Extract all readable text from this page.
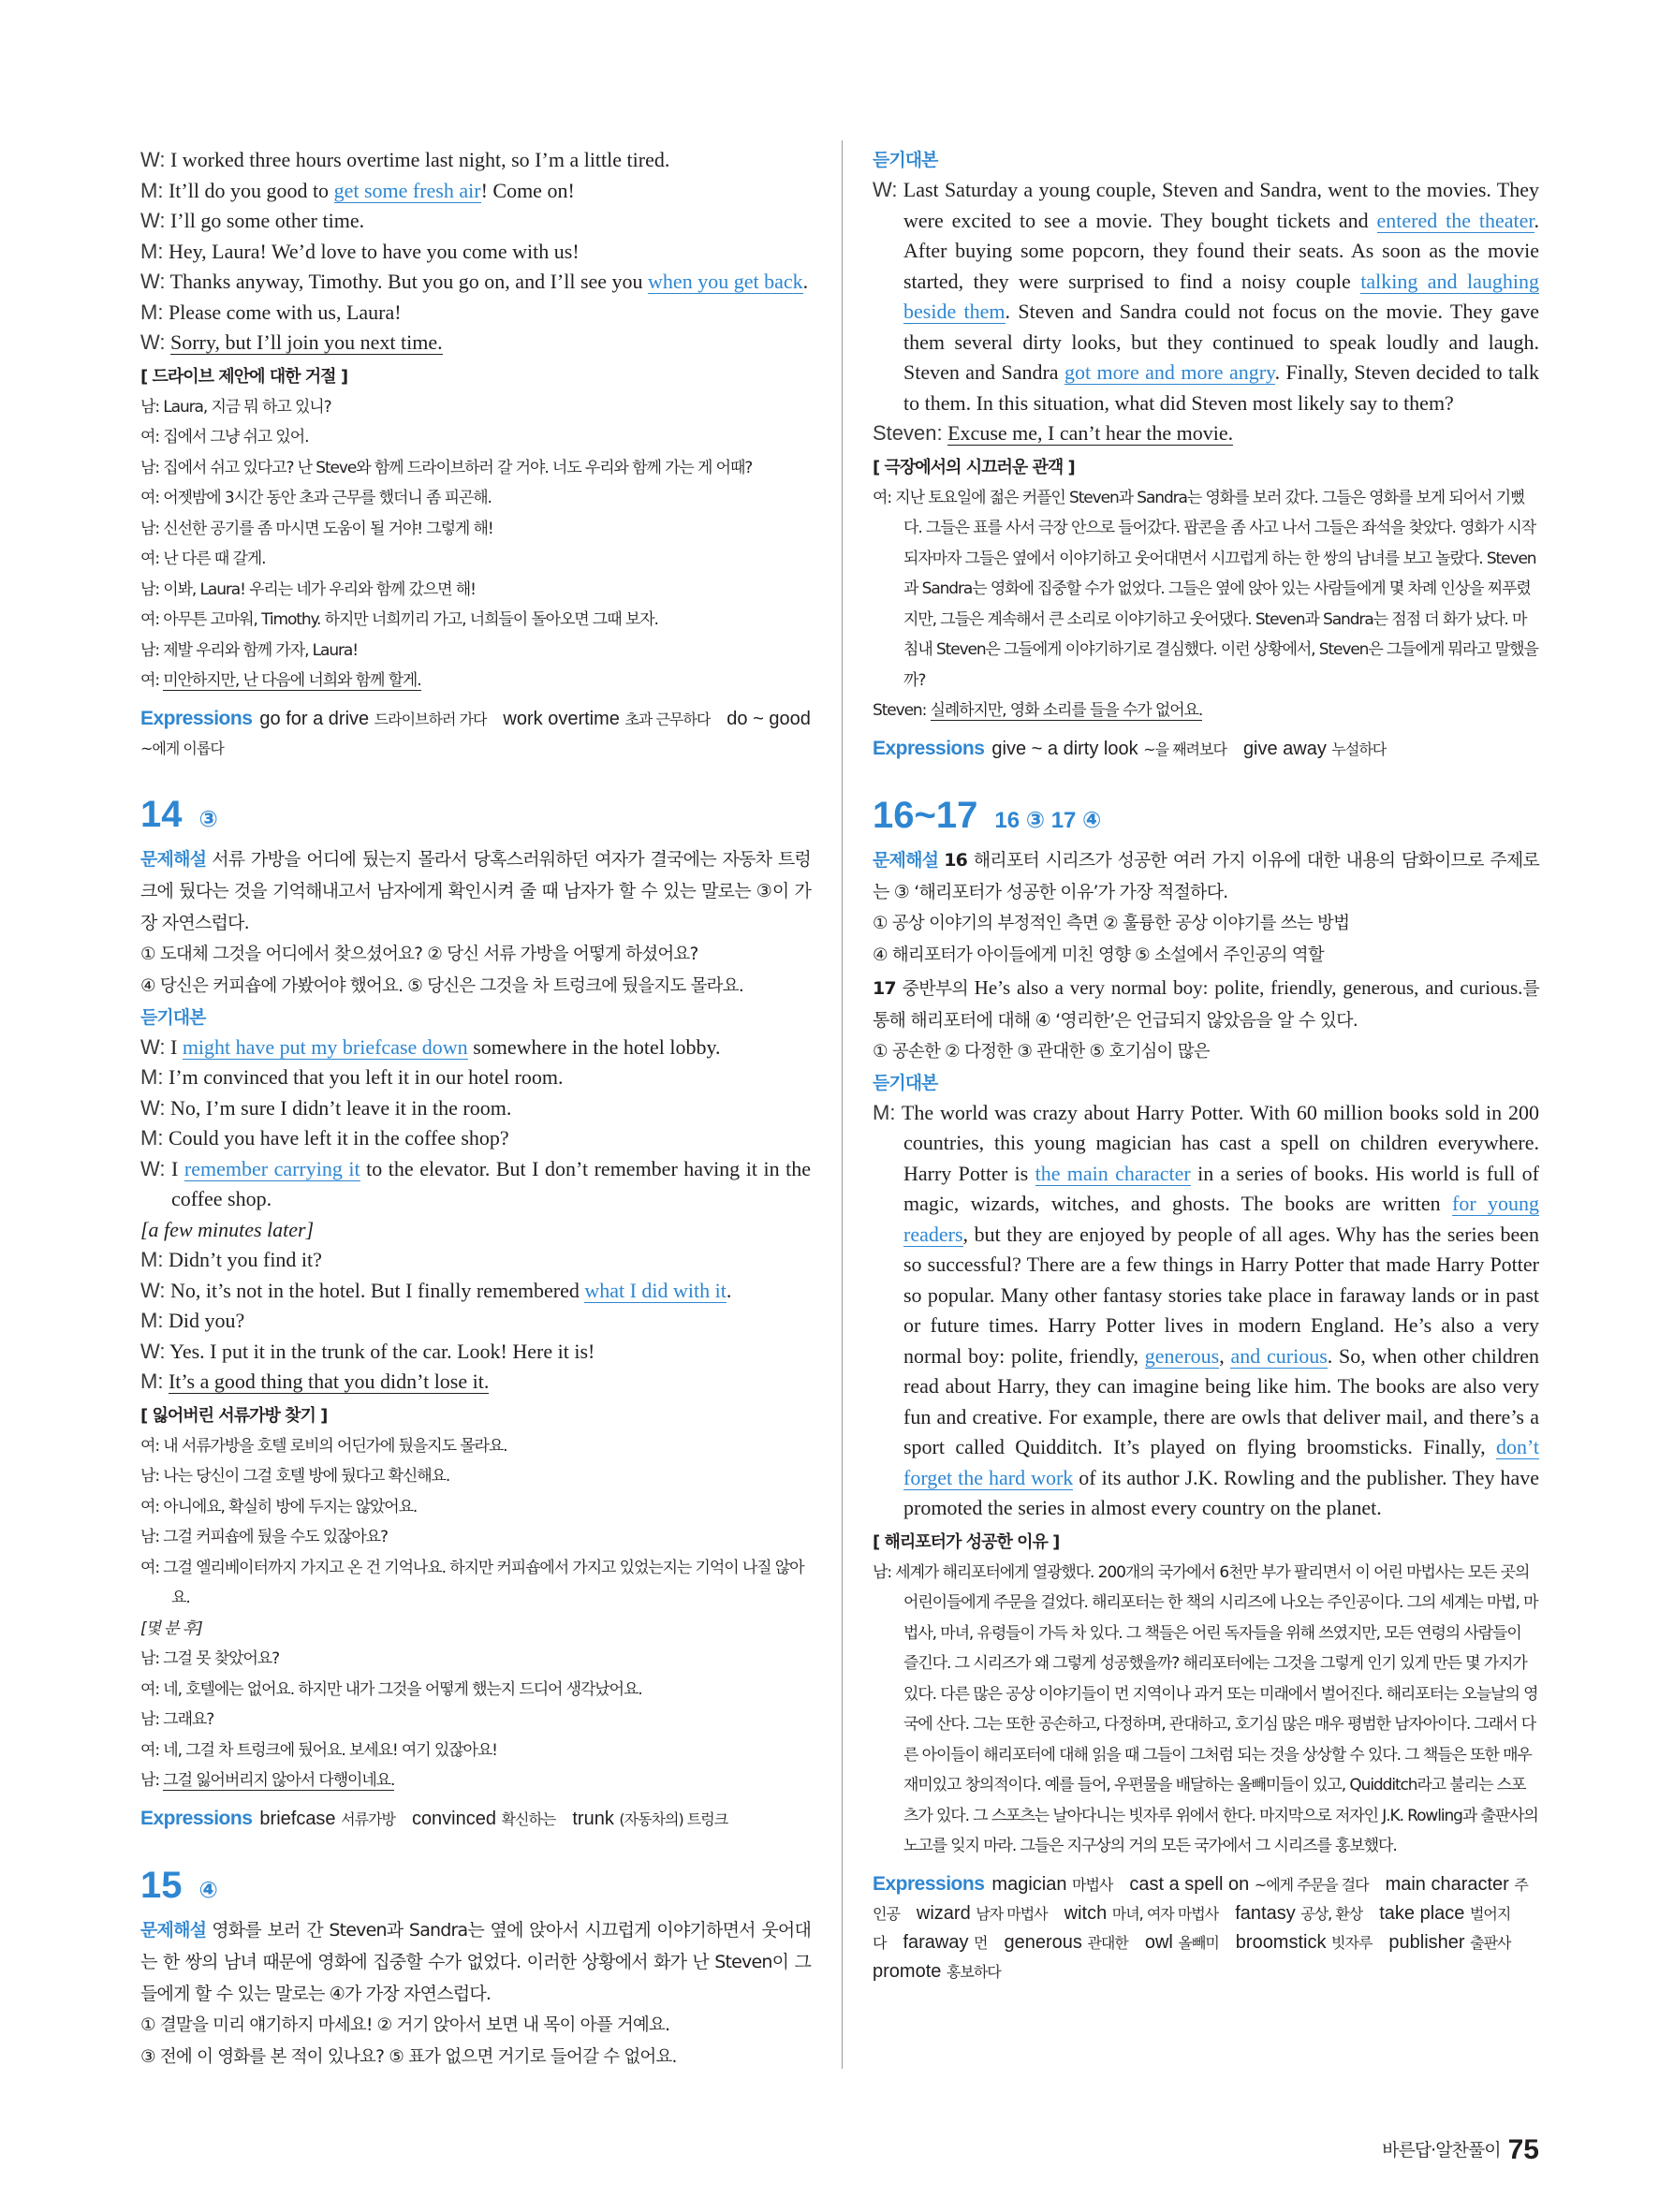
W: I worked three hours overtime last night, so I’m a little tired.
M: It’ll do you good to get some fresh air! Come on!
W: I’ll go some other time.
M: Hey, Laura! We’d love to have you come with us!
W: Thanks anyway, Timothy. But you go on, and I’ll see you when you get back.
M: Please come with us, Laura!
W: Sorry, but I’ll join you next time.
[ 드라이브 제안에 대한 거절 ]
남: Laura, 지금 뭐 하고 있니?
여: 집에서 그냥 쉬고 있어.
남: 집에서 쉬고 있다고? 난 Steve와 함께 드라이브하러 갈 거야. 너도 우리와 함께 가는 게 어때?
여: 어젯밤에 3시간 동안 초과 근무를 했더니 좀 피곤해.
남: 신선한 공기를 좀 마시면 도움이 될 거야! 그렇게 해!
여: 난 다른 때 갈게.
남: 이봐, Laura! 우리는 네가 우리와 함께 갔으면 해!
여: 아무튼 고마워, Timothy. 하지만 너희끼리 가고, 너희들이 돌아오면 그때 보자.
남: 제발 우리와 함께 가자, Laura!
여: 미안하지만, 난 다음에 너희와 함께 할게.
Expressions go for a drive 드라이브하러 가다 work overtime 초과 근무하다 do ~ good ~에게 이롭다
14 ③
문제해설 서류 가방을 어디에 뒀는지 몰라서 당혹스러워하던 여자가 결국에는 자동차 트렁크에 뒀다는 것을 기억해내고서 남자에게 확인시켜 줄 때 남자가 할 수 있는 말로는 ③이 가장 자연스럽다.
① 도대체 그것을 어디에서 찾으셨어요? ② 당신 서류 가방을 어떻게 하셨어요?
④ 당신은 커피숍에 가봤어야 했어요. ⑤ 당신은 그것을 차 트렁크에 뒀을지도 몰라요.
듣기대본
W: I might have put my briefcase down somewhere in the hotel lobby.
M: I’m convinced that you left it in our hotel room.
W: No, I’m sure I didn’t leave it in the room.
M: Could you have left it in the coffee shop?
W: I remember carrying it to the elevator. But I don’t remember having it in the coffee shop.
[a few minutes later]
M: Didn’t you find it?
W: No, it’s not in the hotel. But I finally remembered what I did with it.
M: Did you?
W: Yes. I put it in the trunk of the car. Look! Here it is!
M: It’s a good thing that you didn’t lose it.
[ 잃어버린 서류가방 찾기 ]
여: 내 서류가방을 호텔 로비의 어딘가에 뒀을지도 몰라요.
남: 나는 당신이 그걸 호텔 방에 뒀다고 확신해요.
여: 아니에요, 확실히 방에 두지는 않았어요.
남: 그걸 커피숍에 뒀을 수도 있잖아요?
여: 그걸 엘리베이터까지 가지고 온 건 기억나요. 하지만 커피숍에서 가지고 있었는지는 기억이 나질 않아요.
[몇 분 후]
남: 그걸 못 찾았어요?
여: 네, 호텔에는 없어요. 하지만 내가 그것을 어떻게 했는지 드디어 생각났어요.
남: 그래요?
여: 네, 그걸 차 트렁크에 뒀어요. 보세요! 여기 있잖아요!
남: 그걸 잃어버리지 않아서 다행이네요.
Expressions briefcase 서류가방 convinced 확신하는 trunk (자동차의) 트렁크
15 ④
문제해설 영화를 보러 간 Steven과 Sandra는 옆에 앉아서 시끄럽게 이야기하면서 웃어대는 한 쌍의 남녀 때문에 영화에 집중할 수가 없었다. 이러한 상황에서 화가 난 Steven이 그들에게 할 수 있는 말로는 ④가 가장 자연스럽다.
① 결말을 미리 얘기하지 마세요! ② 거기 앉아서 보면 내 목이 아플 거예요.
③ 전에 이 영화를 본 적이 있나요? ⑤ 표가 없으면 거기로 들어갈 수 없어요.
듣기대본
W: Last Saturday a young couple, Steven and Sandra, went to the movies. They were excited to see a movie. They bought tickets and entered the theater. After buying some popcorn, they found their seats. As soon as the movie started, they were surprised to find a noisy couple talking and laughing beside them. Steven and Sandra could not focus on the movie. They gave them several dirty looks, but they continued to speak loudly and laugh. Steven and Sandra got more and more angry. Finally, Steven decided to talk to them. In this situation, what did Steven most likely say to them?
Steven: Excuse me, I can’t hear the movie.
[ 극장에서의 시끄러운 관객 ]
여: 지난 토요일에 젊은 커플인 Steven과 Sandra는 영화를 보러 갔다. 그들은 영화를 보게 되어서 기뻤다. 그들은 표를 사서 극장 안으로 들어갔다. 팝콘을 좀 사고 나서 그들은 좌석을 찾았다. 영화가 시작되자마자 그들은 옆에서 이야기하고 웃어대면서 시끄럽게 하는 한 쌍의 남녀를 보고 놀랐다. Steven과 Sandra는 영화에 집중할 수가 없었다. 그들은 옆에 앉아 있는 사람들에게 몇 차례 인상을 찌푸렸지만, 그들은 계속해서 큰 소리로 이야기하고 웃어댔다. Steven과 Sandra는 점점 더 화가 났다. 마침내 Steven은 그들에게 이야기하기로 결심했다. 이런 상황에서, Steven은 그들에게 뭐라고 말했을까?
Steven: 실례하지만, 영화 소리를 들을 수가 없어요.
Expressions give ~ a dirty look ~을 째려보다 give away 누설하다
16~17 16 ③ 17 ④
문제해설 16 해리포터 시리즈가 성공한 여러 가지 이유에 대한 내용의 담화이므로 주제로는 ③ ‘해리포터가 성공한 이유’가 가장 적절하다.
① 공상 이야기의 부정적인 측면 ② 훌륭한 공상 이야기를 쓰는 방법
④ 해리포터가 아이들에게 미친 영향 ⑤ 소설에서 주인공의 역할
17 중반부의 He’s also a very normal boy: polite, friendly, generous, and curious.를 통해 해리포터에 대해 ④ ‘영리한’은 언급되지 않았음을 알 수 있다.
① 공손한 ② 다정한 ③ 관대한 ⑤ 호기심이 많은
듣기대본
M: The world was crazy about Harry Potter. With 60 million books sold in 200 countries, this young magician has cast a spell on children everywhere. Harry Potter is the main character in a series of books. His world is full of magic, wizards, witches, and ghosts. The books are written for young readers, but they are enjoyed by people of all ages. Why has the series been so successful? There are a few things in Harry Potter that made Harry Potter so popular. Many other fantasy stories take place in faraway lands or in past or future times. Harry Potter lives in modern England. He’s also a very normal boy: polite, friendly, generous, and curious. So, when other children read about Harry, they can imagine being like him. The books are also very fun and creative. For example, there are owls that deliver mail, and there’s a sport called Quidditch. It’s played on flying broomsticks. Finally, don’t forget the hard work of its author J.K. Rowling and the publisher. They have promoted the series in almost every country on the planet.
[ 해리포터가 성공한 이유 ]
남: 세계가 해리포터에게 열광했다. 200개의 국가에서 6천만 부가 팔리면서 이 어린 마법사는 모든 곳의 어린이들에게 주문을 걸었다. 해리포터는 한 책의 시리즈에 나오는 주인공이다. 그의 세계는 마법, 마법사, 마녀, 유령들이 가득 차 있다. 그 책들은 어린 독자들을 위해 쓰였지만, 모든 연령의 사람들이 즐긴다. 그 시리즈가 왜 그렇게 성공했을까? 해리포터에는 그것을 그렇게 인기 있게 만든 몇 가지가 있다. 다른 많은 공상 이야기들이 먼 지역이나 과거 또는 미래에서 벌어진다. 해리포터는 오늘날의 영국에 산다. 그는 또한 공손하고, 다정하며, 관대하고, 호기심 많은 매우 평범한 남자아이다. 그래서 다른 아이들이 해리포터에 대해 읽을 때 그들이 그처럼 되는 것을 상상할 수 있다. 그 책들은 또한 매우 재미있고 창의적이다. 예를 들어, 우편물을 배달하는 올빼미들이 있고, Quidditch라고 불리는 스포츠가 있다. 그 스포츠는 날아다니는 빗자루 위에서 한다. 마지막으로 저자인 J.K. Rowling과 출판사의 노고를 잊지 마라. 그들은 지구상의 거의 모든 국가에서 그 시리즈를 홍보했다.
Expressions magician 마법사 cast a spell on ~에게 주문을 걸다 main character 주인공 wizard 남자 마법사 witch 마녀, 여자 마법사 fantasy 공상, 환상 take place 벌어지다 faraway 먼 generous 관대한 owl 올빼미 broomstick 빗자루 publisher 출판사promote 홍보하다
바른답·알찬풀이 75
